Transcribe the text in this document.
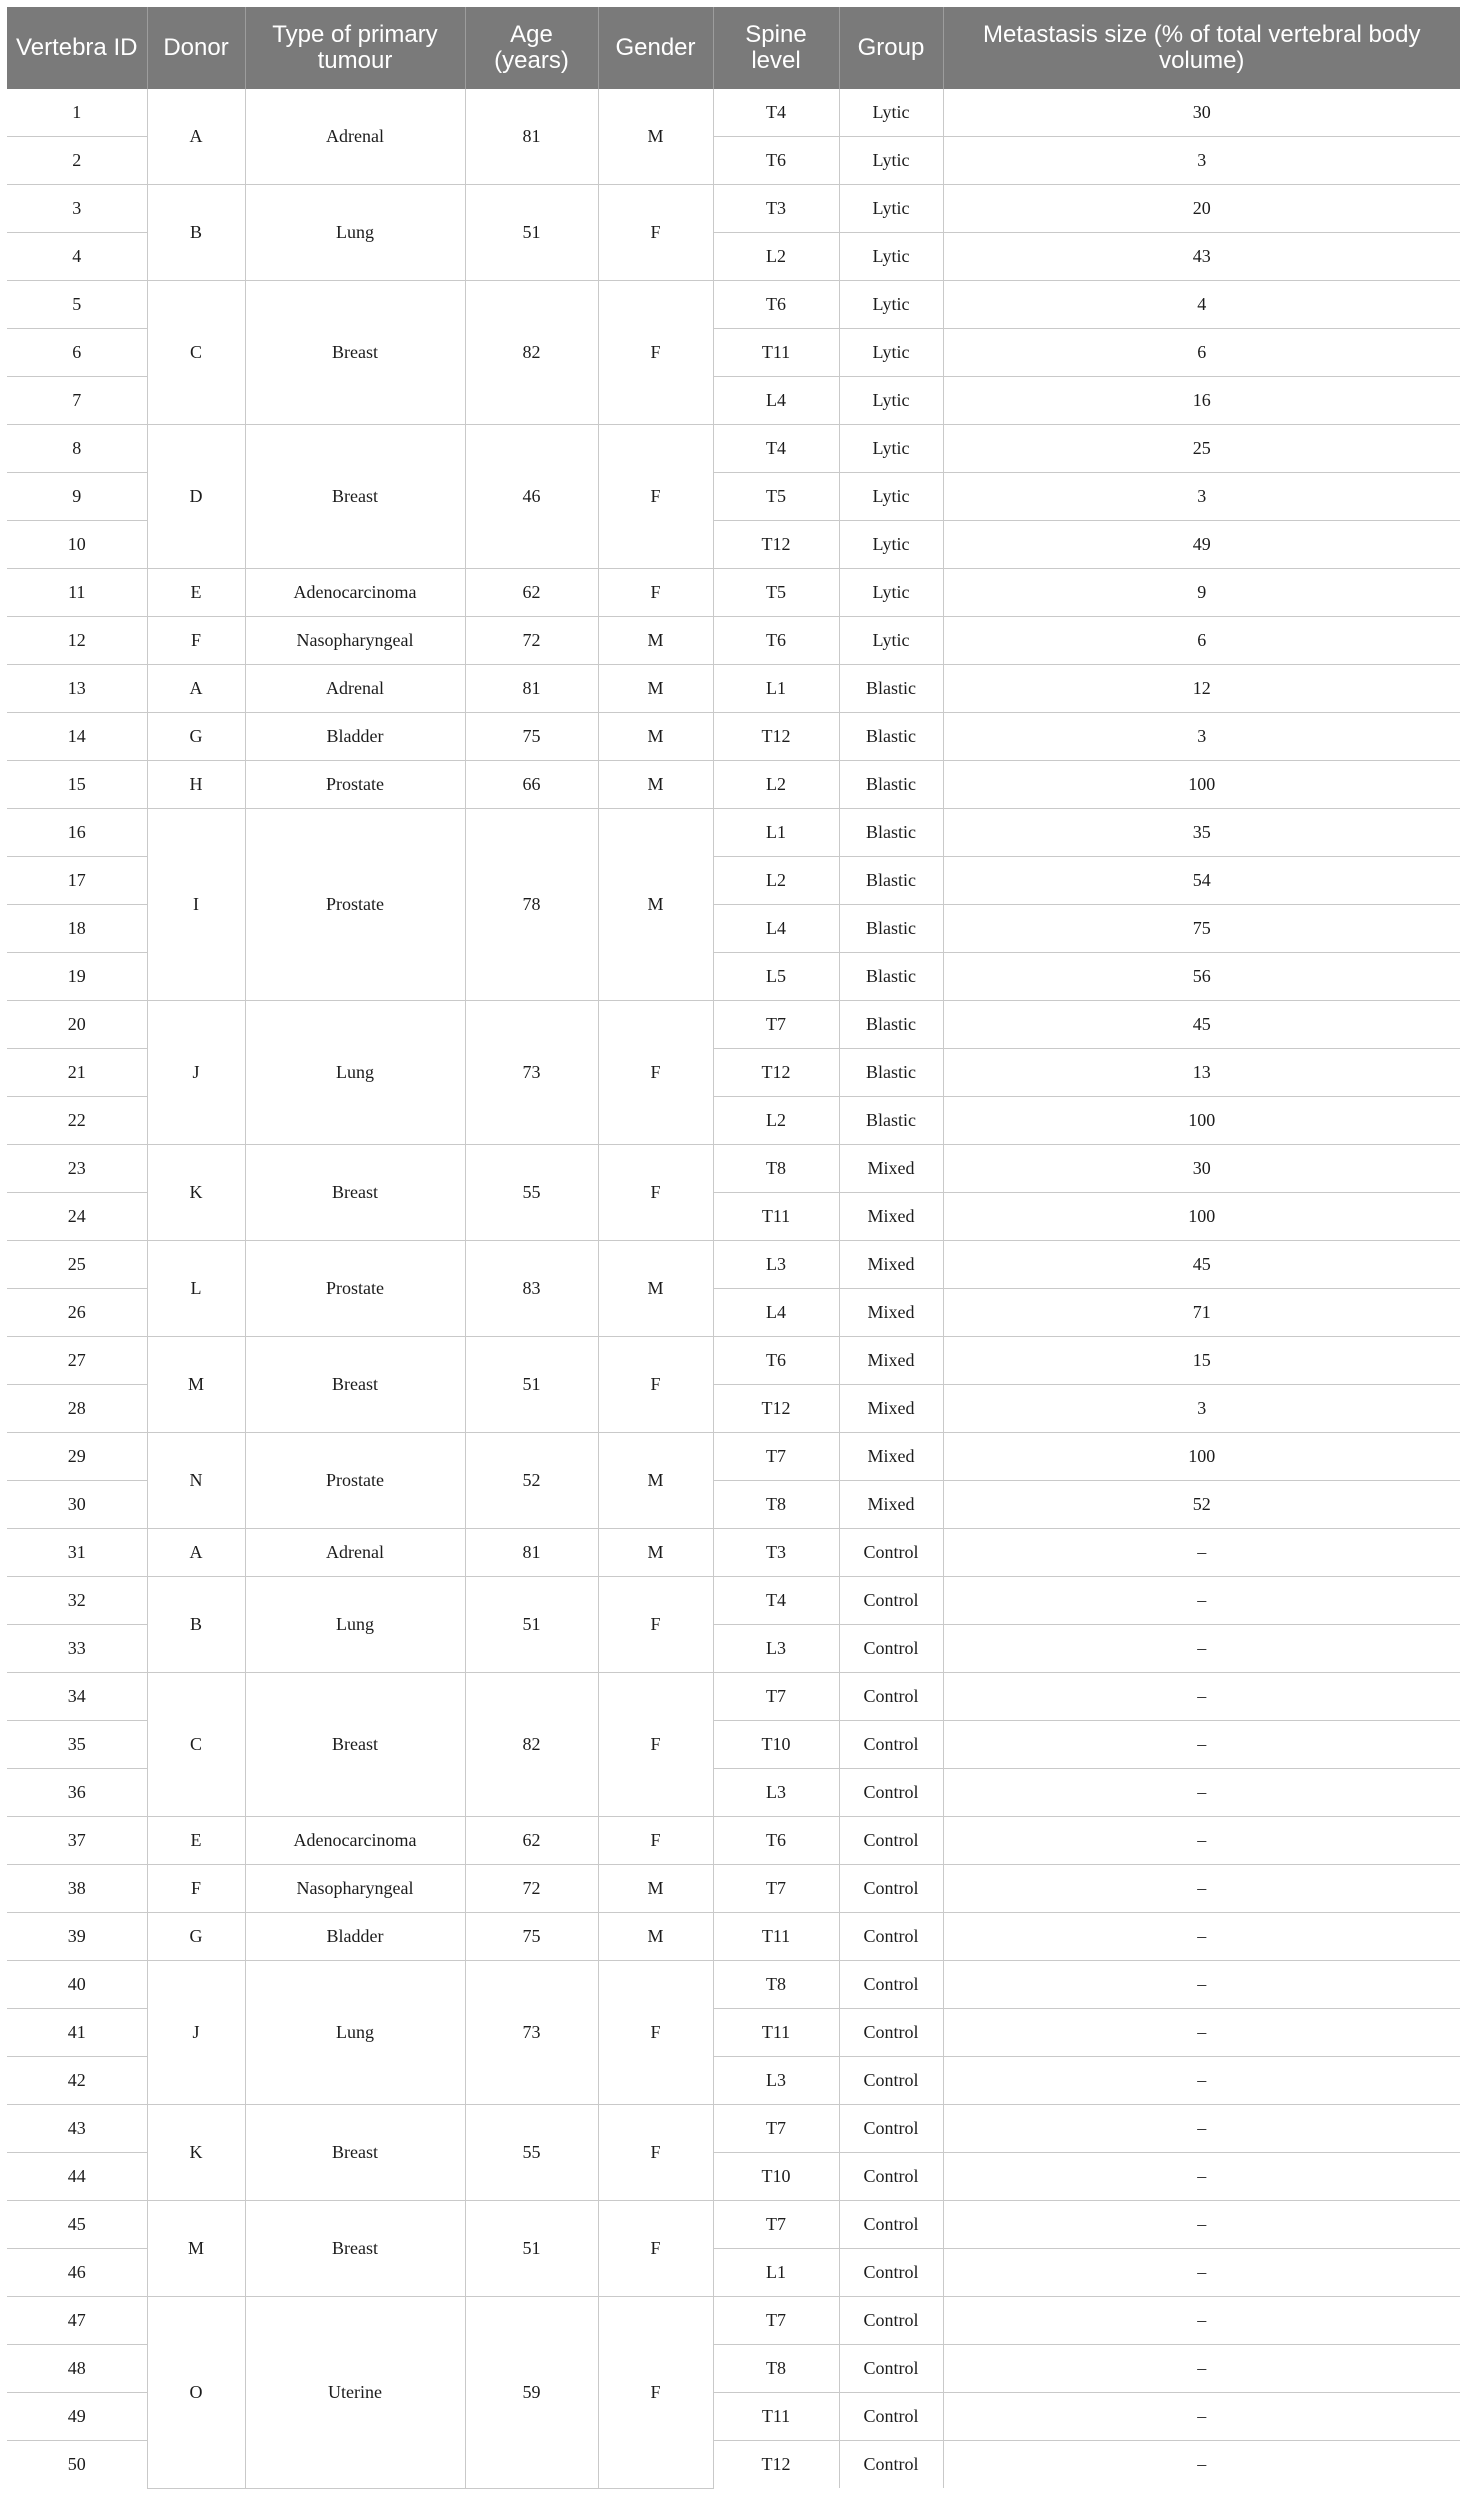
Vertebra ID	Donor	Type of primary tumour	Age (years)	Gender	Spine level	Group	Metastasis size (% of total vertebral body volume)
1	A	Adrenal	81	M	T4	Lytic	30
2					T6	Lytic	3
3	B	Lung	51	F	T3	Lytic	20
4					L2	Lytic	43
5	C	Breast	82	F	T6	Lytic	4
6					T11	Lytic	6
7					L4	Lytic	16
8	D	Breast	46	F	T4	Lytic	25
9					T5	Lytic	3
10					T12	Lytic	49
11	E	Adenocarcinoma	62	F	T5	Lytic	9
12	F	Nasopharyngeal	72	M	T6	Lytic	6
13	A	Adrenal	81	M	L1	Blastic	12
14	G	Bladder	75	M	T12	Blastic	3
15	H	Prostate	66	M	L2	Blastic	100
16	I	Prostate	78	M	L1	Blastic	35
17					L2	Blastic	54
18					L4	Blastic	75
19					L5	Blastic	56
20	J	Lung	73	F	T7	Blastic	45
21					T12	Blastic	13
22					L2	Blastic	100
23	K	Breast	55	F	T8	Mixed	30
24					T11	Mixed	100
25	L	Prostate	83	M	L3	Mixed	45
26					L4	Mixed	71
27	M	Breast	51	F	T6	Mixed	15
28					T12	Mixed	3
29	N	Prostate	52	M	T7	Mixed	100
30					T8	Mixed	52
31	A	Adrenal	81	M	T3	Control	–
32	B	Lung	51	F	T4	Control	–
33					L3	Control	–
34	C	Breast	82	F	T7	Control	–
35					T10	Control	–
36					L3	Control	–
37	E	Adenocarcinoma	62	F	T6	Control	–
38	F	Nasopharyngeal	72	M	T7	Control	–
39	G	Bladder	75	M	T11	Control	–
40	J	Lung	73	F	T8	Control	–
41					T11	Control	–
42					L3	Control	–
43	K	Breast	55	F	T7	Control	–
44					T10	Control	–
45	M	Breast	51	F	T7	Control	–
46					L1	Control	–
47	O	Uterine	59	F	T7	Control	–
48					T8	Control	–
49					T11	Control	–
50					T12	Control	–
